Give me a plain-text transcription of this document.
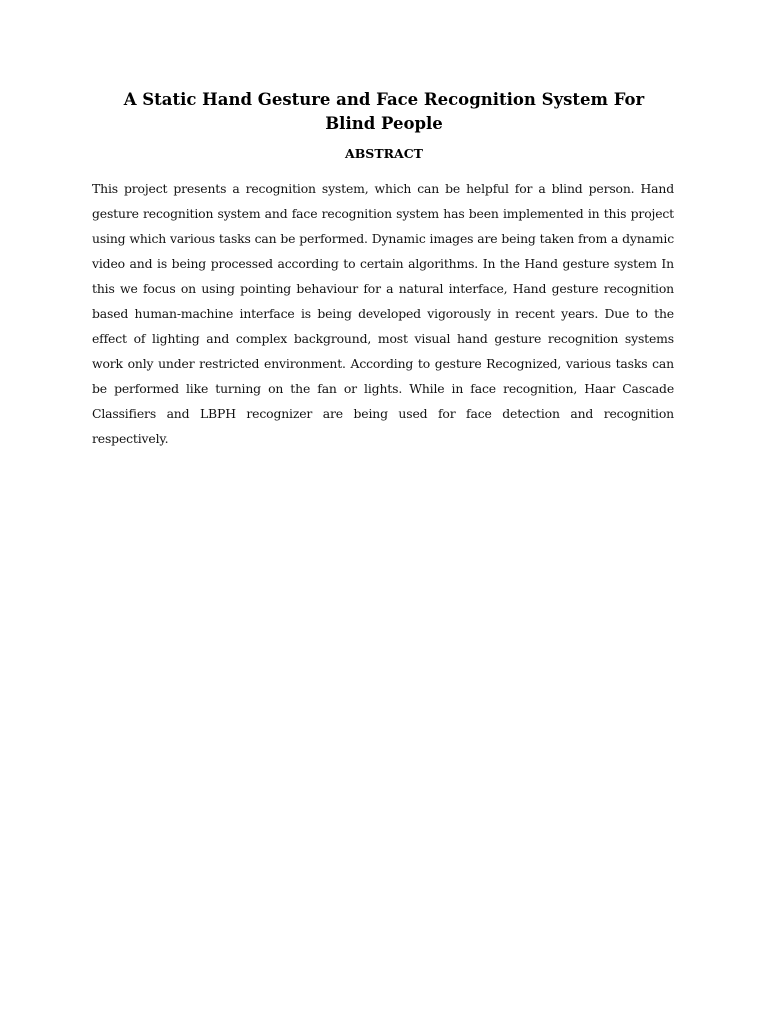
A Static Hand Gesture and Face Recognition System For Blind People
ABSTRACT

This project presents a recognition system, which can be helpful for a blind person. Hand gesture recognition system and face recognition system has been implemented in this project using which various tasks can be performed. Dynamic images are being taken from a dynamic video and is being processed according to certain algorithms. In the Hand gesture system In this we focus on using pointing behaviour for a natural interface, Hand gesture recognition based human-machine interface is being developed vigorously in recent years. Due to the effect of lighting and complex background, most visual hand gesture recognition systems work only under restricted environment. According to gesture Recognized, various tasks can be performed like turning on the fan or lights. While in face recognition, Haar Cascade Classifiers and LBPH recognizer are being used for face detection and recognition respectively.
